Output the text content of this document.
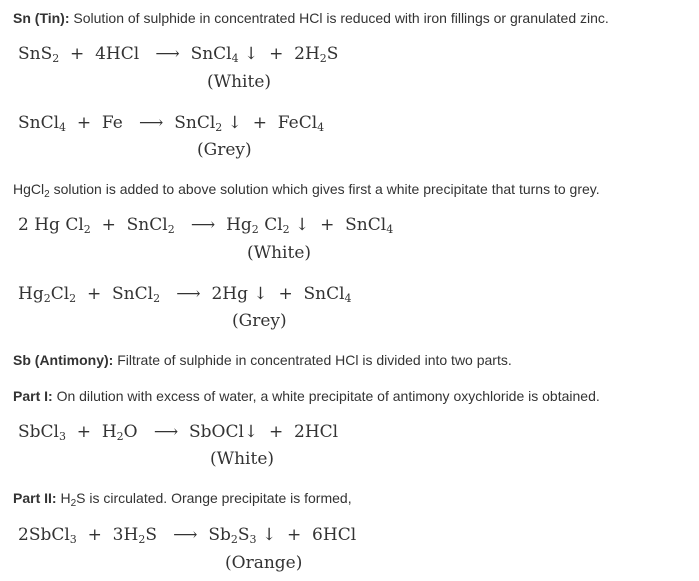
Sn (Tin): Solution of sulphide in concentrated HCl is reduced with iron fillings or granulated zinc.
SnS$_2$  +  4HCl   ⟶  SnCl$_4$ ↓  +  $2H_2S$
(White)
SnCl$_4$  +  Fe   ⟶  SnCl$_2$ ↓  +  FeCl$_4$
(Grey)
HgCl$_2$ solution is added to above solution which gives first a white precipitate that turns to grey.
2 Hg $Cl_2$  +  SnCl$_2$   ⟶  $Hg_2$ $Cl_2$ ↓  +  SnCl$_4$
(White)
$Hg_2Cl_2$  +  SnCl$_2$   ⟶  2Hg ↓  +  SnCl$_4$
(Grey)
Sb (Antimony): Filtrate of sulphide in concentrated HCl is divided into two parts.
Part I: On dilution with excess of water, a white precipitate of antimony oxychloride is obtained.
SbCl$_3$  +  $H_2O$   ⟶  SbOCl↓  +  2HCl
(White)
Part II: $H_2S$ is circulated. Orange precipitate is formed,
2SbCl$_3$  +  $3H_2S$   ⟶  $Sb_2S_3$ ↓  +  6HCl
(Orange)
